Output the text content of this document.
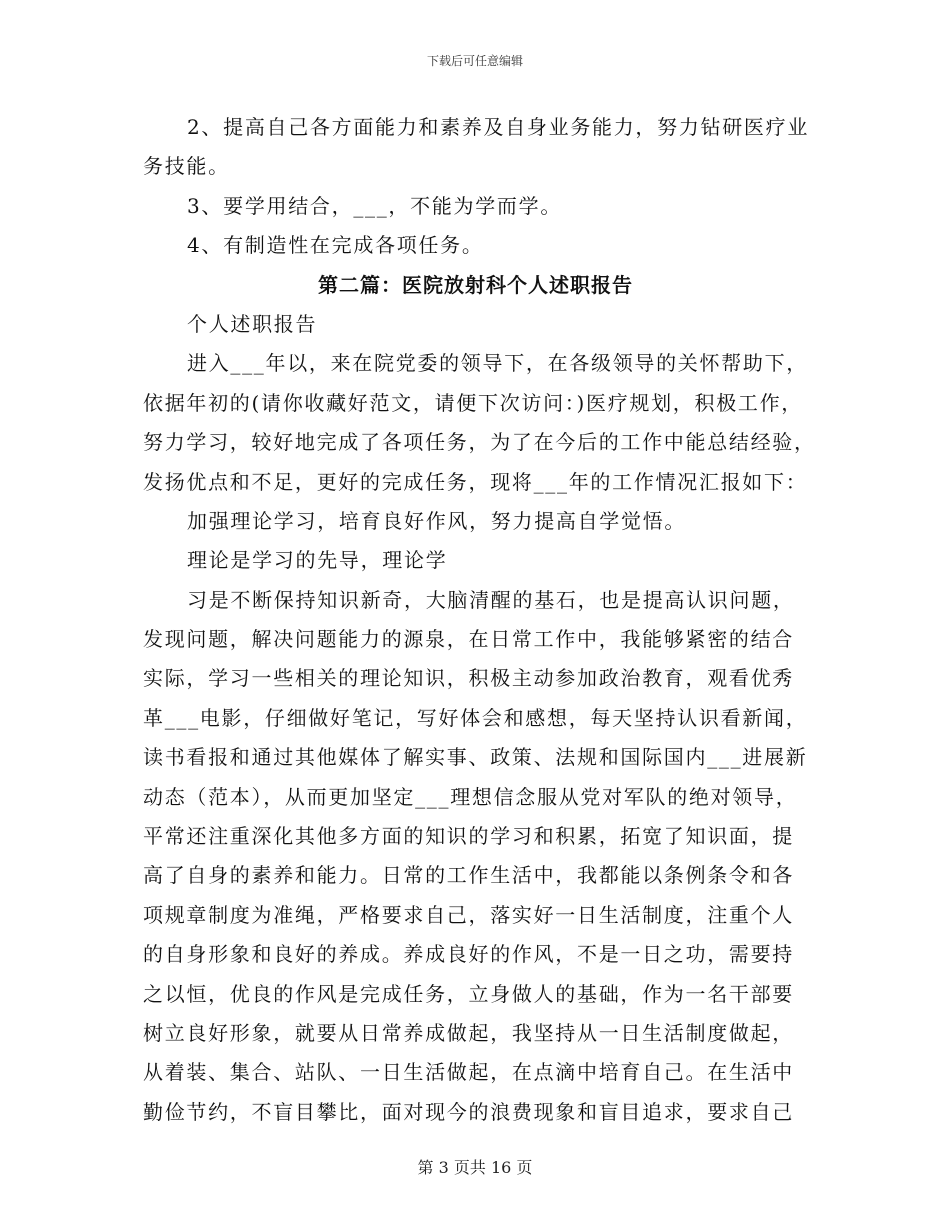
下载后可任意编辑
2、提高自己各方面能力和素养及自身业务能力，努力钻研医疗业
务技能。
3、要学用结合，___，不能为学而学。
4、有制造性在完成各项任务。
第二篇：医院放射科个人述职报告
个人述职报告
进入___年以，来在院党委的领导下，在各级领导的关怀帮助下，
依据年初的(请你收藏好范文，请便下次访问：)医疗规划，积极工作，
努力学习，较好地完成了各项任务，为了在今后的工作中能总结经验，
发扬优点和不足，更好的完成任务，现将___年的工作情况汇报如下：
加强理论学习，培育良好作风，努力提高自学觉悟。
理论是学习的先导，理论学
习是不断保持知识新奇，大脑清醒的基石，也是提高认识问题，
发现问题，解决问题能力的源泉，在日常工作中，我能够紧密的结合
实际，学习一些相关的理论知识，积极主动参加政治教育，观看优秀
革___电影，仔细做好笔记，写好体会和感想，每天坚持认识看新闻，
读书看报和通过其他媒体了解实事、政策、法规和国际国内___进展新
动态（范本），从而更加坚定___理想信念服从党对军队的绝对领导，
平常还注重深化其他多方面的知识的学习和积累，拓宽了知识面，提
高了自身的素养和能力。日常的工作生活中，我都能以条例条令和各
项规章制度为准绳，严格要求自己，落实好一日生活制度，注重个人
的自身形象和良好的养成。养成良好的作风，不是一日之功，需要持
之以恒，优良的作风是完成任务，立身做人的基础，作为一名干部要
树立良好形象，就要从日常养成做起，我坚持从一日生活制度做起，
从着装、集合、站队、一日生活做起，在点滴中培育自己。在生活中
勤俭节约，不盲目攀比，面对现今的浪费现象和盲目追求，要求自己
第 3 页共 16 页
